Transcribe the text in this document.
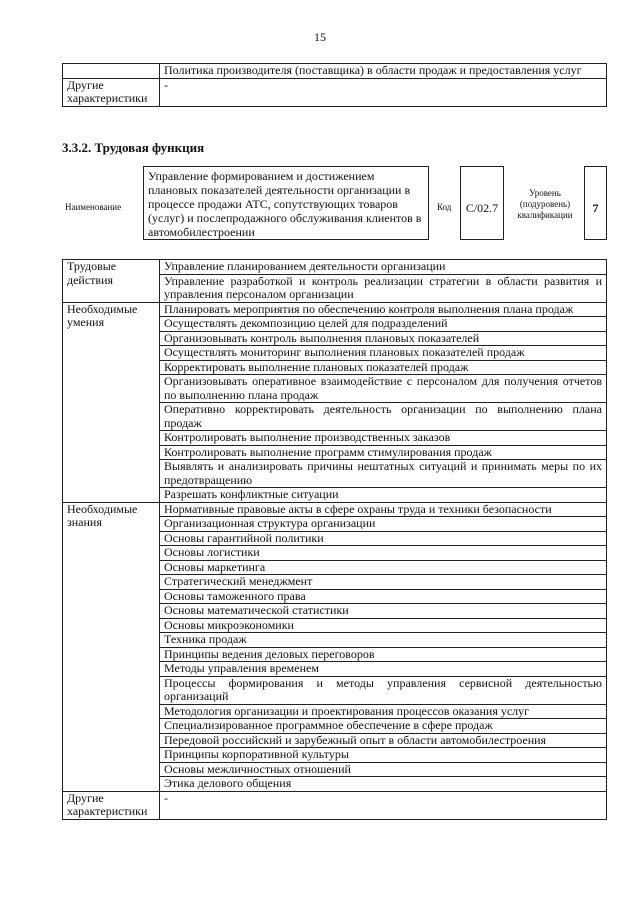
15
	Политика производителя (поставщика) в области продаж и предоставления услуг
Другие характеристики	-
3.3.2. Трудовая функция
Наименование
Управление формированием и достижением плановых показателей деятельности организации в процессе продажи АТС, сопутствующих товаров (услуг) и послепродажного обслуживания клиентов в автомобилестроении
Код	С/02.7
Уровень (подуровень) квалификации	7
Трудовые действия	Управление планированием деятельности организации
	Управление разработкой и контроль реализации стратегии в области развития и управления персоналом организации
Необходимые умения	Планировать мероприятия по обеспечению контроля выполнения плана продаж
	Осуществлять декомпозицию целей для подразделений
	Организовывать контроль выполнения плановых показателей
	Осуществлять мониторинг выполнения плановых показателей продаж
	Корректировать выполнение плановых показателей продаж
	Организовывать оперативное взаимодействие с персоналом для получения отчетов по выполнению плана продаж
	Оперативно корректировать деятельность организации по выполнению плана продаж
	Контролировать выполнение производственных заказов
	Контролировать выполнение программ стимулирования продаж
	Выявлять и анализировать причины нештатных ситуаций и принимать меры по их предотвращению
	Разрешать конфликтные ситуации
Необходимые знания	Нормативные правовые акты в сфере охраны труда и техники безопасности
	Организационная структура организации
	Основы гарантийной политики
	Основы логистики
	Основы маркетинга
	Стратегический менеджмент
	Основы таможенного права
	Основы математической статистики
	Основы микроэкономики
	Техника продаж
	Принципы ведения деловых переговоров
	Методы управления временем
	Процессы формирования и методы управления сервисной деятельностью организаций
	Методология организации и проектирования процессов оказания услуг
	Специализированное программное обеспечение в сфере продаж
	Передовой российский и зарубежный опыт в области автомобилестроения
	Принципы корпоративной культуры
	Основы межличностных отношений
	Этика делового общения
Другие характеристики	-
